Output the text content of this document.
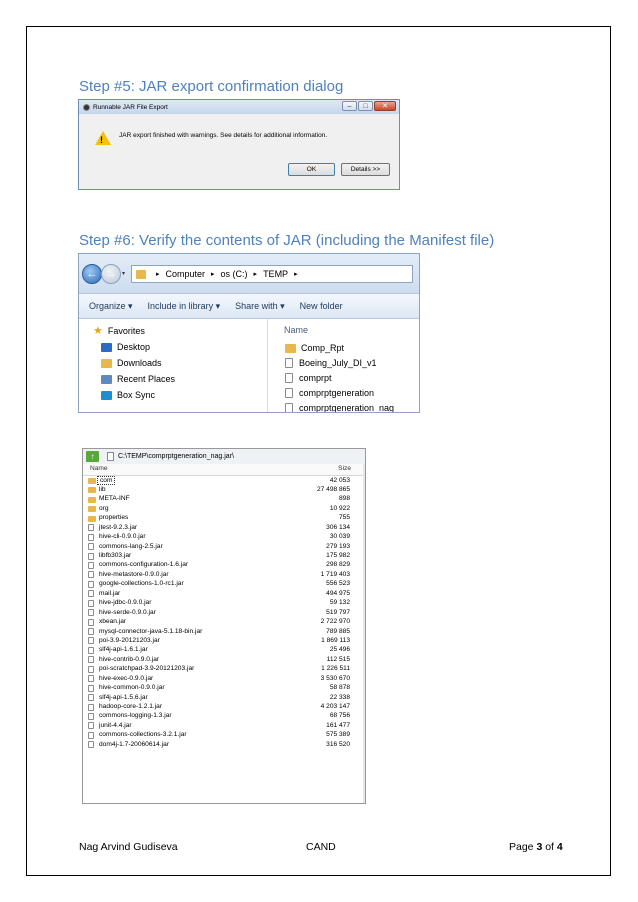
Step #5: JAR export confirmation dialog
Runnable JAR File Export	–	□	✕
! JAR export finished with warnings. See details for additional information.
OK	Details >>
Step #6: Verify the contents of JAR (including the Manifest file)
← → ▾	▸ Computer ▸ os (C:) ▸ TEMP ▸
Organize ▾ Include in library ▾ Share with ▾ New folder
★ Favorites
Desktop
Downloads
Recent Places
Box Sync
Name
Comp_Rpt
Boeing_July_DI_v1
comprpt
comprptgeneration
comprptgeneration_nag
↑	C:\TEMP\comprptgeneration_nag.jar\
Name	Size
com	42 053
lib	27 498 865
META-INF	898
org	10 922
properties	755
jtest-9.2.3.jar	306 134
hive-cli-0.9.0.jar	30 039
commons-lang-2.5.jar	279 193
libfb303.jar	175 982
commons-configuration-1.6.jar	298 829
hive-metastore-0.9.0.jar	1 719 403
google-collections-1.0-rc1.jar	556 523
mail.jar	494 975
hive-jdbc-0.9.0.jar	59 132
hive-serde-0.9.0.jar	519 797
xbean.jar	2 722 970
mysql-connector-java-5.1.18-bin.jar	789 885
poi-3.9-20121203.jar	1 869 113
slf4j-api-1.6.1.jar	25 496
hive-contrib-0.9.0.jar	112 515
poi-scratchpad-3.9-20121203.jar	1 226 511
hive-exec-0.9.0.jar	3 530 670
hive-common-0.9.0.jar	58 878
slf4j-api-1.5.6.jar	22 338
hadoop-core-1.2.1.jar	4 203 147
commons-logging-1.3.jar	68 756
junit-4.4.jar	161 477
commons-collections-3.2.1.jar	575 389
dom4j-1.7-20060614.jar	316 520
Nag Arvind Gudiseva	CAND	Page 3 of 4
